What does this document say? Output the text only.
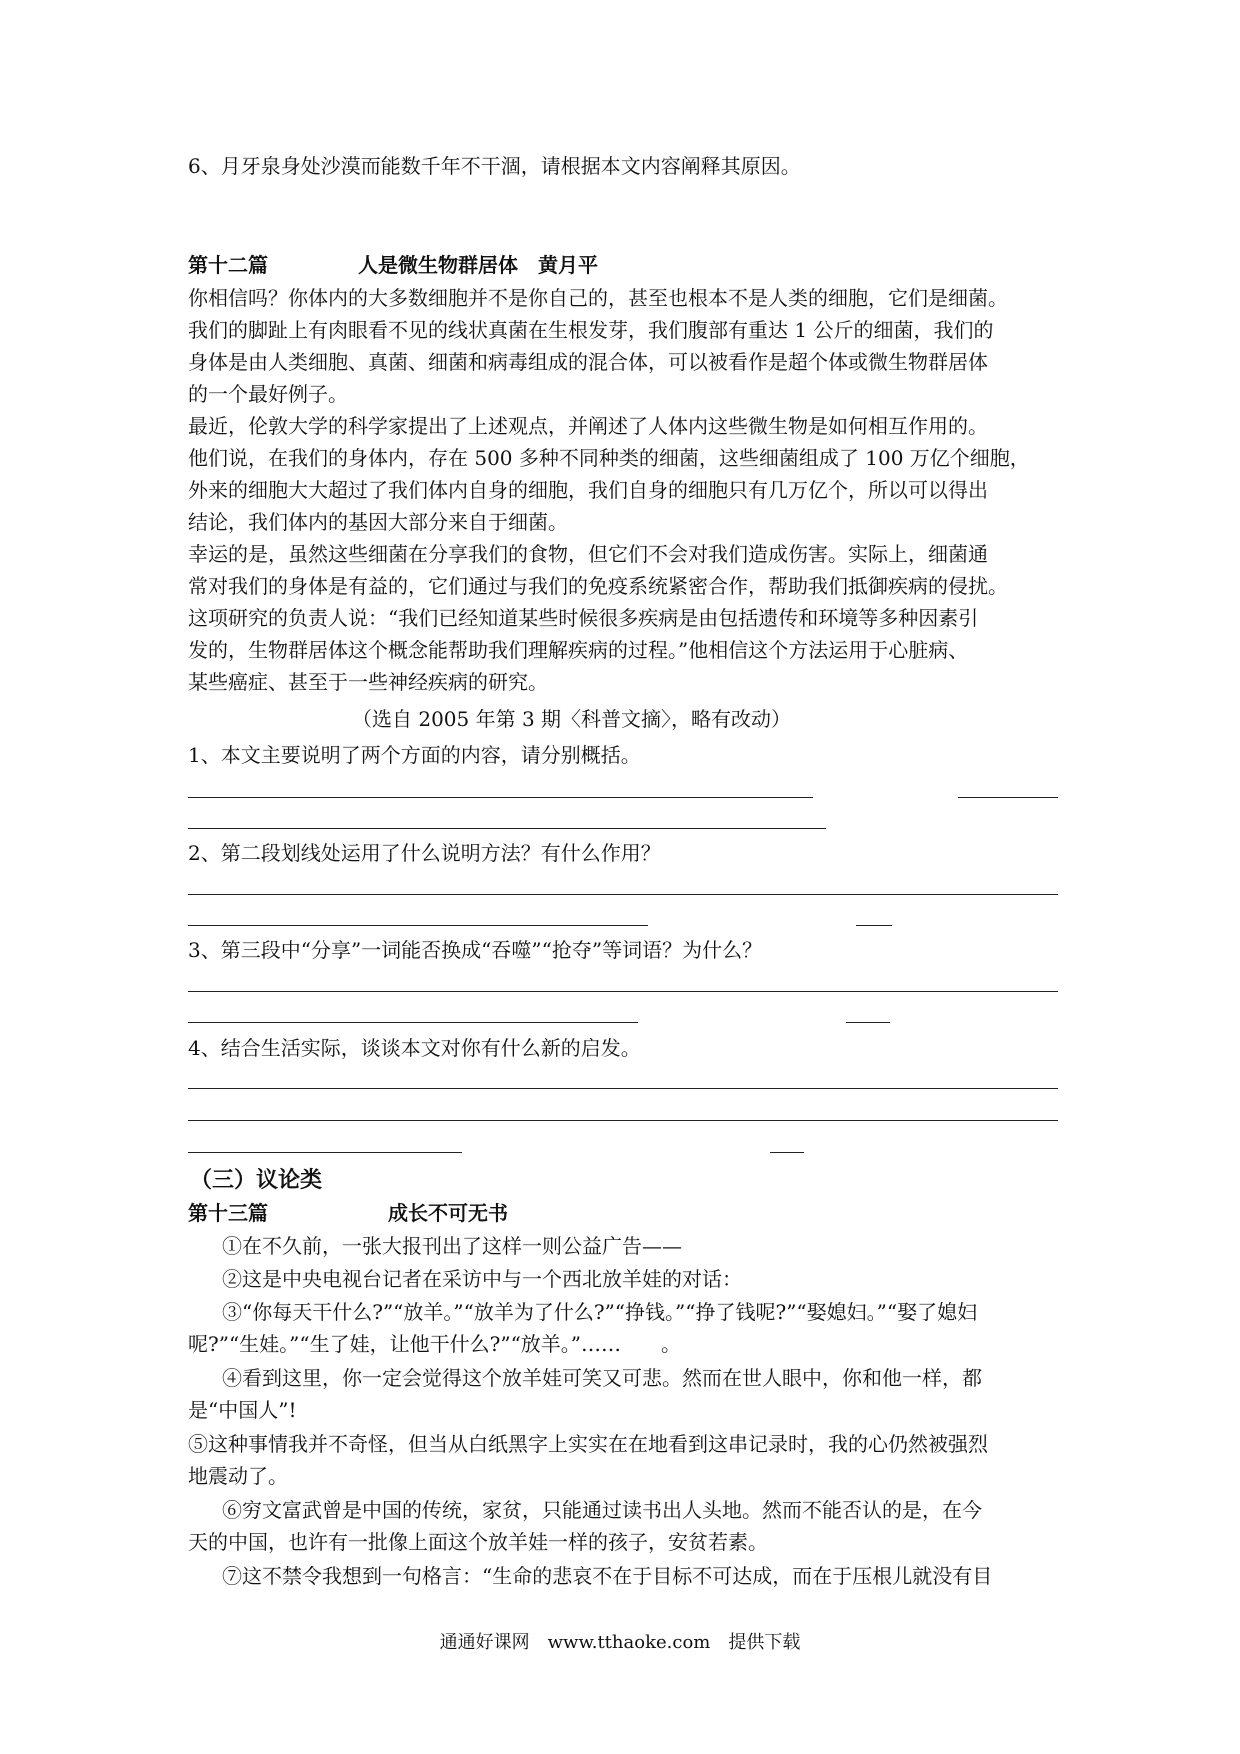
6、月牙泉身处沙漠而能数千年不干涸，请根据本文内容阐释其原因。
第十二篇	人是微生物群居体　 黄月平
你相信吗？你体内的大多数细胞并不是你自己的，甚至也根本不是人类的细胞，它们是细菌。
我们的脚趾上有肉眼看不见的线状真菌在生根发芽，我们腹部有重达 1 公斤的细菌，我们的
身体是由人类细胞、真菌、细菌和病毒组成的混合体，可以被看作是超个体或微生物群居体
的一个最好例子。
最近，伦敦大学的科学家提出了上述观点，并阐述了人体内这些微生物是如何相互作用的。
他们说，在我们的身体内，存在 500 多种不同种类的细菌，这些细菌组成了 100 万亿个细胞，
外来的细胞大大超过了我们体内自身的细胞，我们自身的细胞只有几万亿个，所以可以得出
结论，我们体内的基因大部分来自于细菌。
幸运的是，虽然这些细菌在分享我们的食物，但它们不会对我们造成伤害。实际上，细菌通
常对我们的身体是有益的，它们通过与我们的免疫系统紧密合作，帮助我们抵御疾病的侵扰。
这项研究的负责人说：“我们已经知道某些时候很多疾病是由包括遗传和环境等多种因素引
发的，生物群居体这个概念能帮助我们理解疾病的过程。”他相信这个方法运用于心脏病、
某些癌症、甚至于一些神经疾病的研究。
（选自 2005 年第 3 期〈科普文摘〉，略有改动）
1、本文主要说明了两个方面的内容，请分别概括。
2、第二段划线处运用了什么说明方法？有什么作用？
3、第三段中“分享”一词能否换成“吞噬”“抢夺”等词语？为什么？
4、结合生活实际，谈谈本文对你有什么新的启发。
（三）议论类
第十三篇	成长不可无书
①在不久前，一张大报刊出了这样一则公益广告——
②这是中央电视台记者在采访中与一个西北放羊娃的对话：
③“你每天干什么?”“放羊。”“放羊为了什么?”“挣钱。”“挣了钱呢?”“娶媳妇。”“娶了媳妇
呢?”“生娃。”“生了娃，让他干什么?”“放羊。”……　　。
④看到这里，你一定会觉得这个放羊娃可笑又可悲。然而在世人眼中，你和他一样，都
是“中国人”!
⑤这种事情我并不奇怪，但当从白纸黑字上实实在在地看到这串记录时，我的心仍然被强烈
地震动了。
⑥穷文富武曾是中国的传统，家贫，只能通过读书出人头地。然而不能否认的是，在今
天的中国，也许有一批像上面这个放羊娃一样的孩子，安贫若素。
⑦这不禁令我想到一句格言：“生命的悲哀不在于目标不可达成，而在于压根儿就没有目
通通好课网　www.tthaoke.com　提供下载
